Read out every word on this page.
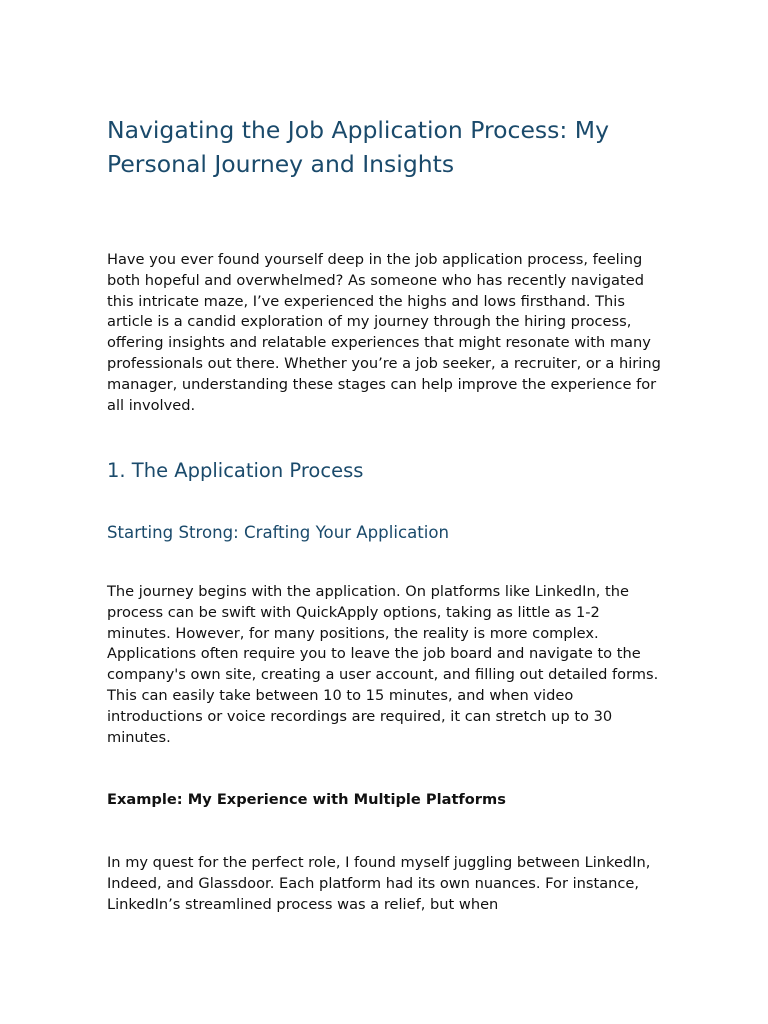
Navigating the Job Application Process: My Personal Journey and Insights

Have you ever found yourself deep in the job application process, feeling both hopeful and overwhelmed? As someone who has recently navigated this intricate maze, I’ve experienced the highs and lows firsthand. This article is a candid exploration of my journey through the hiring process, offering insights and relatable experiences that might resonate with many professionals out there. Whether you’re a job seeker, a recruiter, or a hiring manager, understanding these stages can help improve the experience for all involved.

1. The Application Process
Starting Strong: Crafting Your Application

The journey begins with the application. On platforms like LinkedIn, the process can be swift with QuickApply options, taking as little as 1-2 minutes. However, for many positions, the reality is more complex. Applications often require you to leave the job board and navigate to the company's own site, creating a user account, and filling out detailed forms. This can easily take between 10 to 15 minutes, and when video introductions or voice recordings are required, it can stretch up to 30 minutes.

Example: My Experience with Multiple Platforms

In my quest for the perfect role, I found myself juggling between LinkedIn, Indeed, and Glassdoor. Each platform had its own nuances. For instance, LinkedIn’s streamlined process was a relief, but when
